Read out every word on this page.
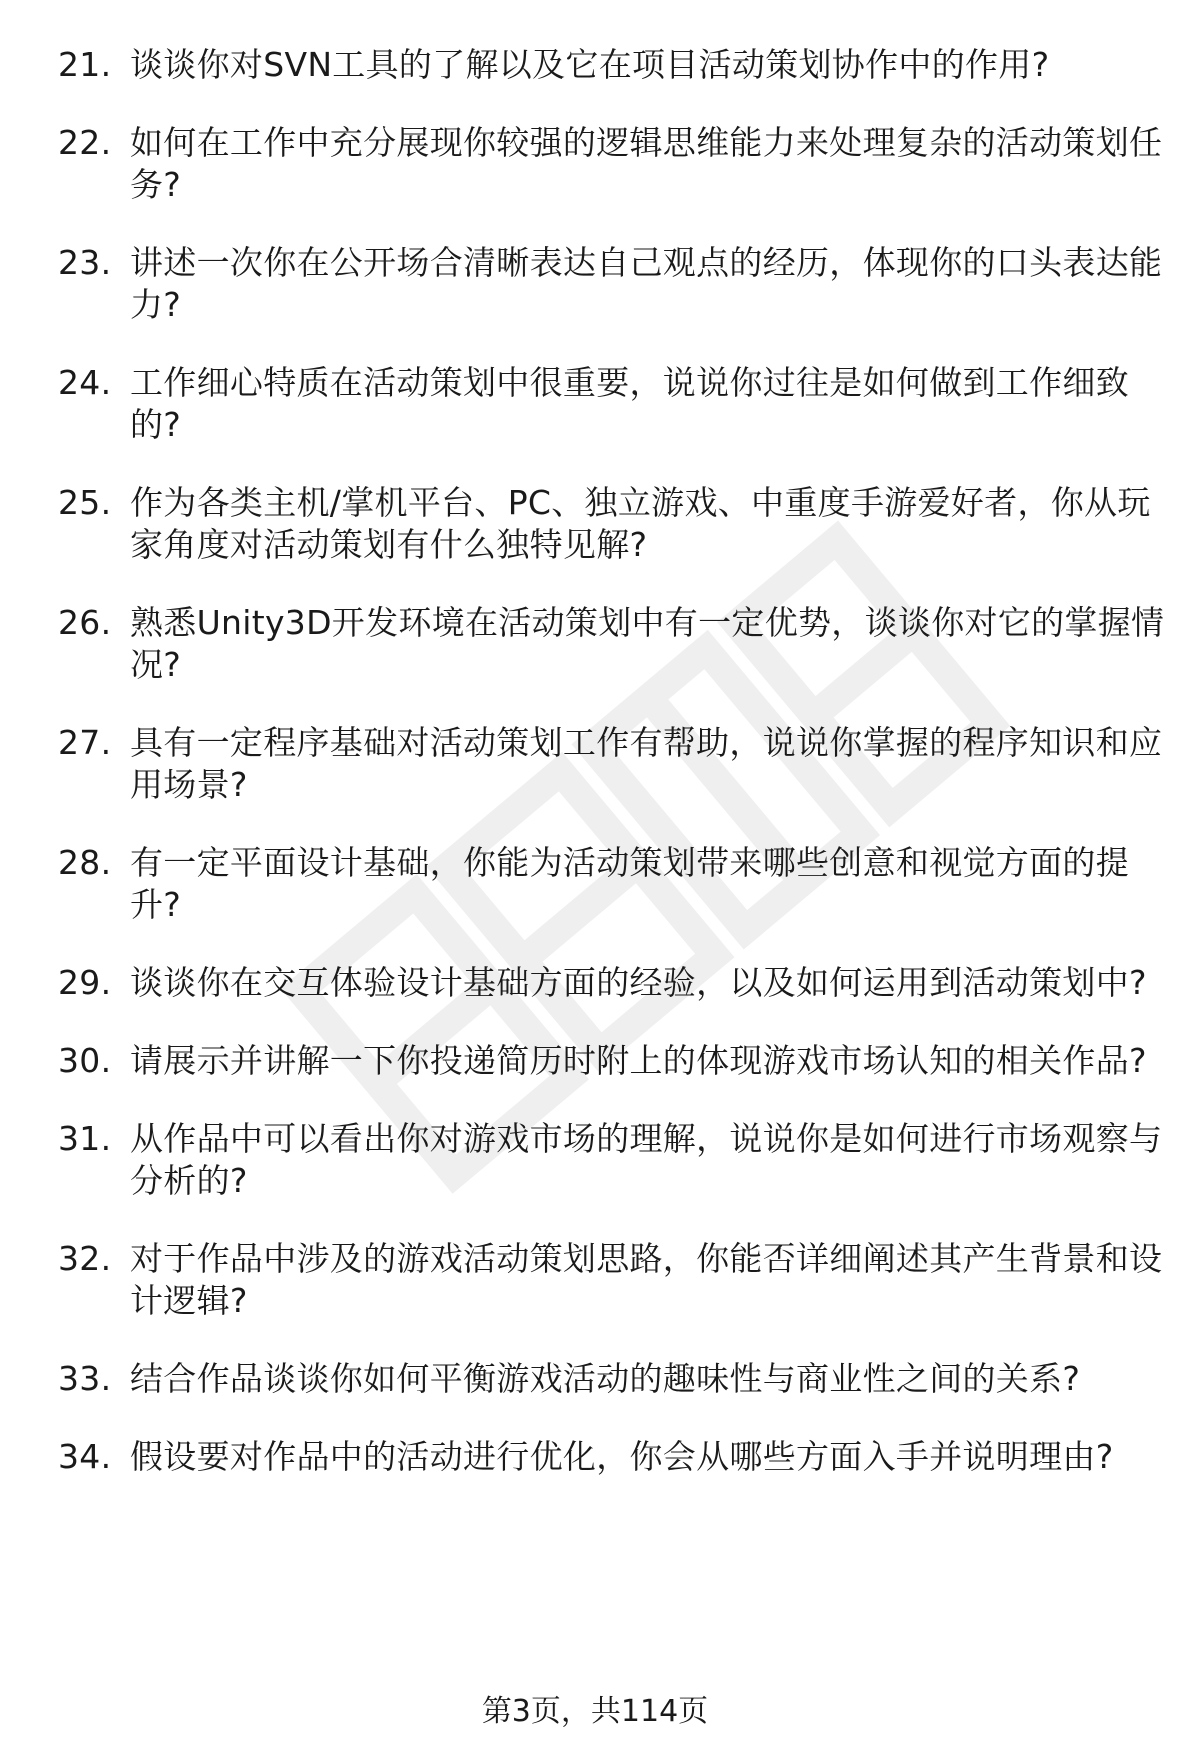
21. 谈谈你对SVN工具的了解以及它在项目活动策划协作中的作用?
22. 如何在工作中充分展现你较强的逻辑思维能力来处理复杂的活动策划任务?
23. 讲述一次你在公开场合清晰表达自己观点的经历，体现你的口头表达能力?
24. 工作细心特质在活动策划中很重要，说说你过往是如何做到工作细致的?
25. 作为各类主机/掌机平台、PC、独立游戏、中重度手游爱好者，你从玩家角度对活动策划有什么独特见解?
26. 熟悉Unity3D开发环境在活动策划中有一定优势，谈谈你对它的掌握情况?
27. 具有一定程序基础对活动策划工作有帮助，说说你掌握的程序知识和应用场景?
28. 有一定平面设计基础，你能为活动策划带来哪些创意和视觉方面的提升?
29. 谈谈你在交互体验设计基础方面的经验，以及如何运用到活动策划中?
30. 请展示并讲解一下你投递简历时附上的体现游戏市场认知的相关作品?
31. 从作品中可以看出你对游戏市场的理解，说说你是如何进行市场观察与分析的?
32. 对于作品中涉及的游戏活动策划思路，你能否详细阐述其产生背景和设计逻辑?
33. 结合作品谈谈你如何平衡游戏活动的趣味性与商业性之间的关系?
34. 假设要对作品中的活动进行优化，你会从哪些方面入手并说明理由?
第3页，共114页
